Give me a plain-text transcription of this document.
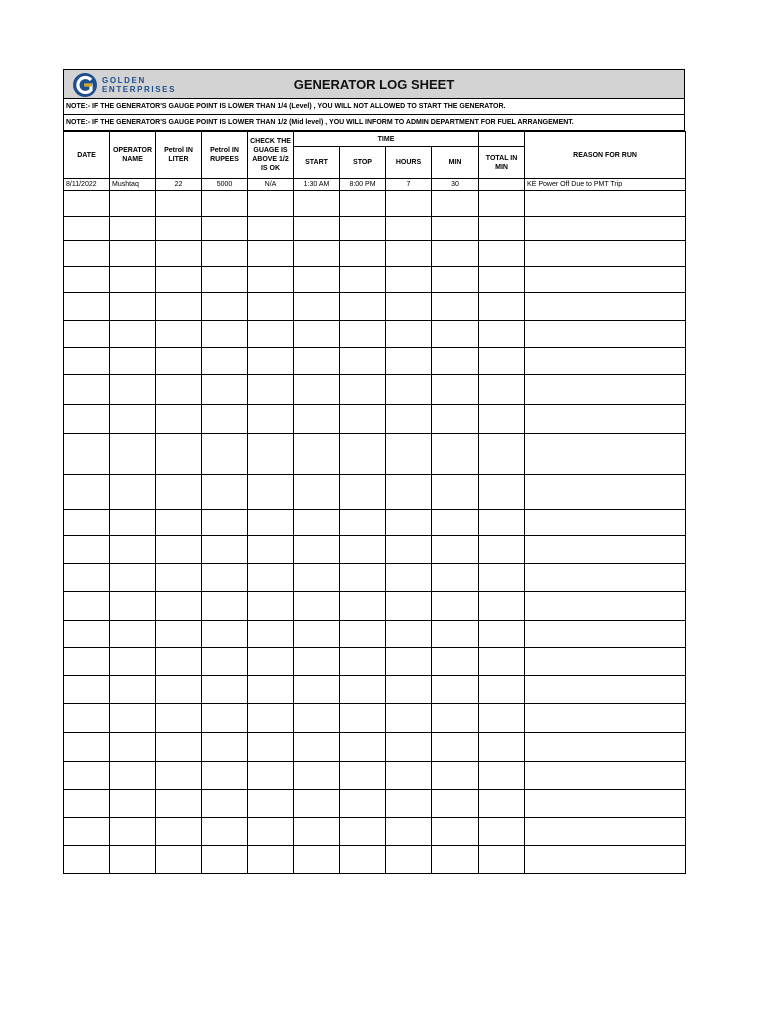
GOLDEN
ENTERPRISES	GENERATOR LOG SHEET
NOTE:- IF THE GENERATOR'S GAUGE POINT IS LOWER THAN 1/4 (Level) , YOU WILL NOT ALLOWED TO START THE GENERATOR.
NOTE:- IF THE GENERATOR'S GAUGE POINT IS LOWER THAN 1/2 (Mid level) , YOU WILL INFORM TO ADMIN DEPARTMENT FOR FUEL ARRANGEMENT.
DATE	OPERATOR NAME	Petrol IN LITER	Petrol IN RUPEES	CHECK THE GUAGE IS ABOVE 1/2 IS OK	TIME					REASON FOR RUN
					START	STOP	HOURS	MIN	TOTAL IN MIN	
8/11/2022	Mushtaq	22	5000	N/A	1:30 AM	8:00 PM	7	30		KE Power Off Due to PMT Trip
